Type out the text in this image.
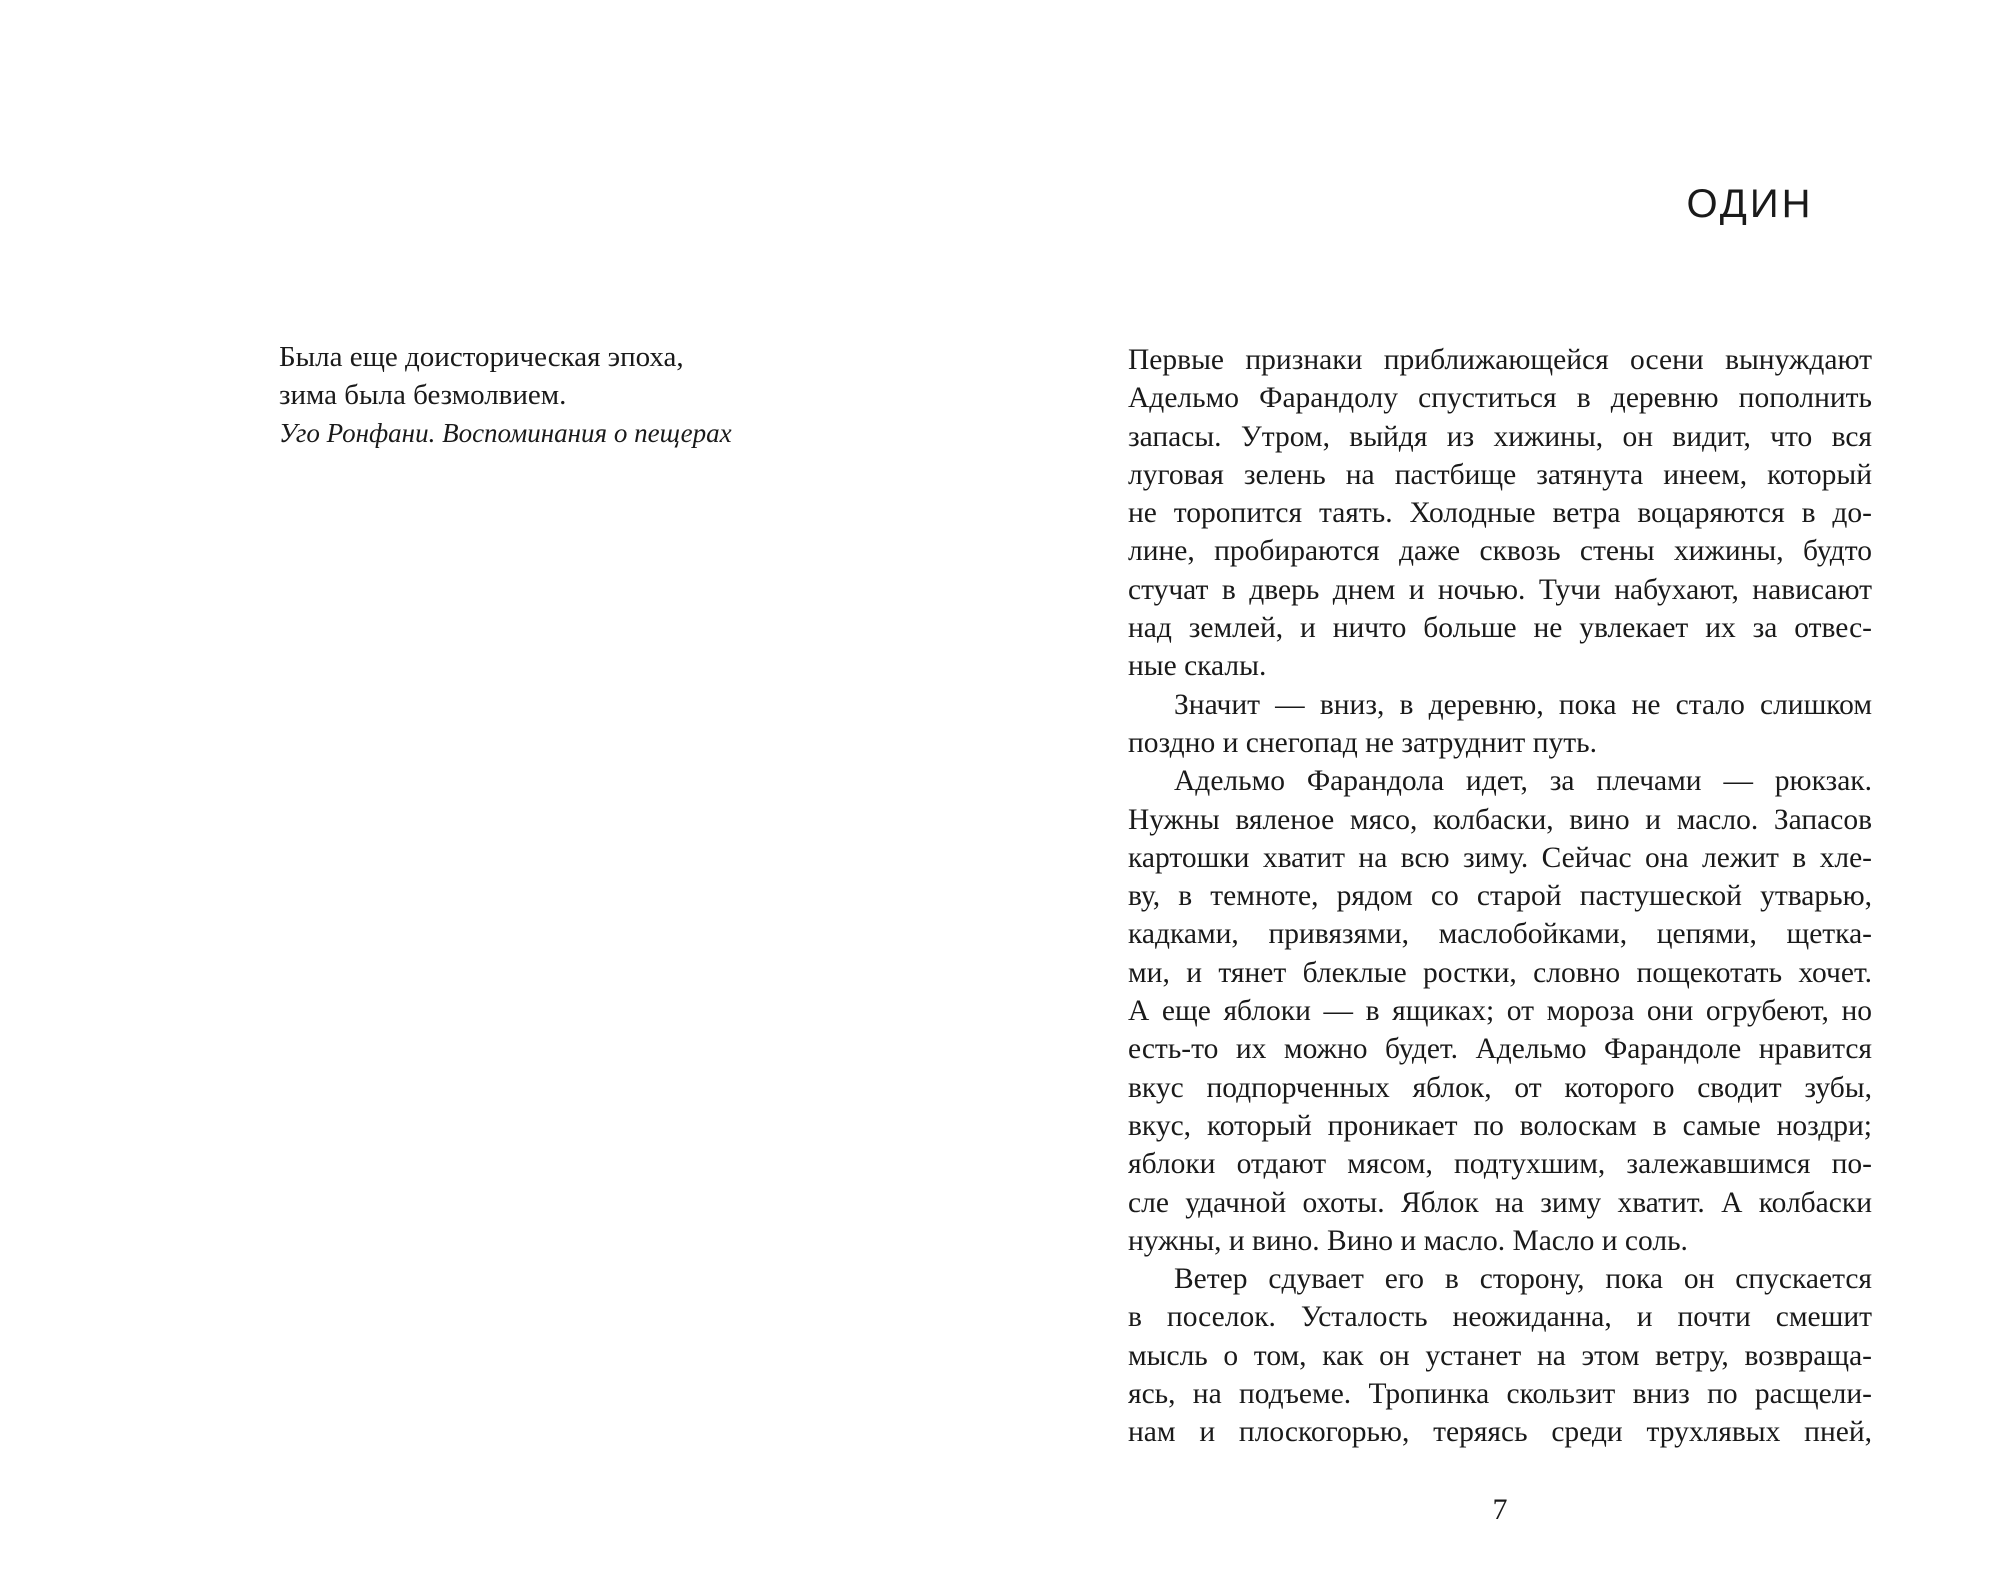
Была еще доисторическая эпоха,
зима была безмолвием.
Уго Ронфани. Воспоминания о пещерах
ОДИН
Первые признаки приближающейся осени вынуждают
Адельмо Фарандолу спуститься в деревню пополнить
запасы. Утром, выйдя из хижины, он видит, что вся
луговая зелень на пастбище затянута инеем, который
не торопится таять. Холодные ветра воцаряются в до-
лине, пробираются даже сквозь стены хижины, будто
стучат в дверь днем и ночью. Тучи набухают, нависают
над землей, и ничто больше не увлекает их за отвес-
ные скалы.
Значит — вниз, в деревню, пока не стало слишком
поздно и снегопад не затруднит путь.
Адельмо Фарандола идет, за плечами — рюкзак.
Нужны вяленое мясо, колбаски, вино и масло. Запасов
картошки хватит на всю зиму. Сейчас она лежит в хле-
ву, в темноте, рядом со старой пастушеской утварью,
кадками, привязями, маслобойками, цепями, щетка-
ми, и тянет блеклые ростки, словно пощекотать хочет.
А еще яблоки — в ящиках; от мороза они огрубеют, но
есть-то их можно будет. Адельмо Фарандоле нравится
вкус подпорченных яблок, от которого сводит зубы,
вкус, который проникает по волоскам в самые ноздри;
яблоки отдают мясом, подтухшим, залежавшимся по-
сле удачной охоты. Яблок на зиму хватит. А колбаски
нужны, и вино. Вино и масло. Масло и соль.
Ветер сдувает его в сторону, пока он спускается
в поселок. Усталость неожиданна, и почти смешит
мысль о том, как он устанет на этом ветру, возвраща-
ясь, на подъеме. Тропинка скользит вниз по расщели-
нам и плоскогорью, теряясь среди трухлявых пней,
7
